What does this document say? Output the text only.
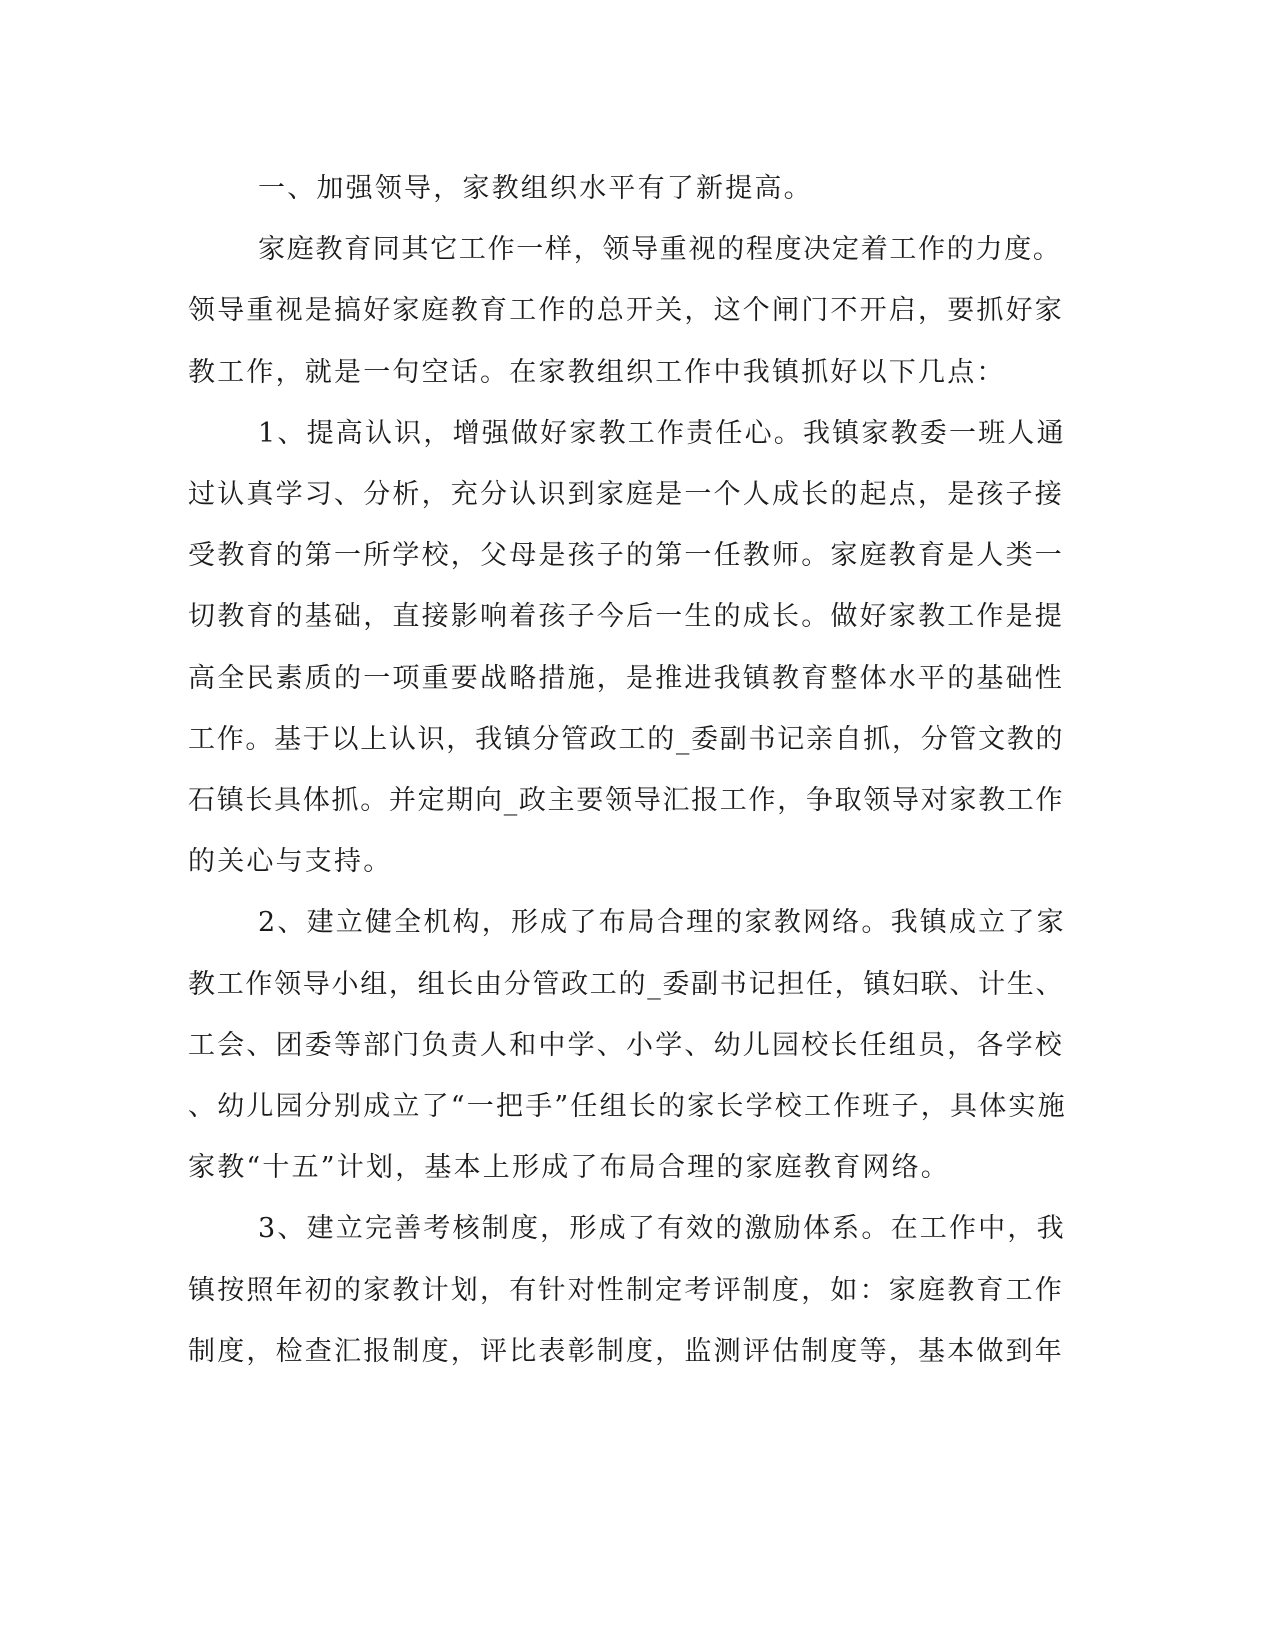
一、加强领导，家教组织水平有了新提高。
家庭教育同其它工作一样，领导重视的程度决定着工作的力度。
领导重视是搞好家庭教育工作的总开关，这个闸门不开启，要抓好家
教工作，就是一句空话。在家教组织工作中我镇抓好以下几点：
1、提高认识，增强做好家教工作责任心。我镇家教委一班人通
过认真学习、分析，充分认识到家庭是一个人成长的起点，是孩子接
受教育的第一所学校，父母是孩子的第一任教师。家庭教育是人类一
切教育的基础，直接影响着孩子今后一生的成长。做好家教工作是提
高全民素质的一项重要战略措施，是推进我镇教育整体水平的基础性
工作。基于以上认识，我镇分管政工的_委副书记亲自抓，分管文教的
石镇长具体抓。并定期向_政主要领导汇报工作，争取领导对家教工作
的关心与支持。
2、建立健全机构，形成了布局合理的家教网络。我镇成立了家
教工作领导小组，组长由分管政工的_委副书记担任，镇妇联、计生、
工会、团委等部门负责人和中学、小学、幼儿园校长任组员，各学校
、幼儿园分别成立了“一把手”任组长的家长学校工作班子，具体实施
家教“十五”计划，基本上形成了布局合理的家庭教育网络。
3、建立完善考核制度，形成了有效的激励体系。在工作中，我
镇按照年初的家教计划，有针对性制定考评制度，如：家庭教育工作
制度，检查汇报制度，评比表彰制度，监测评估制度等，基本做到年
